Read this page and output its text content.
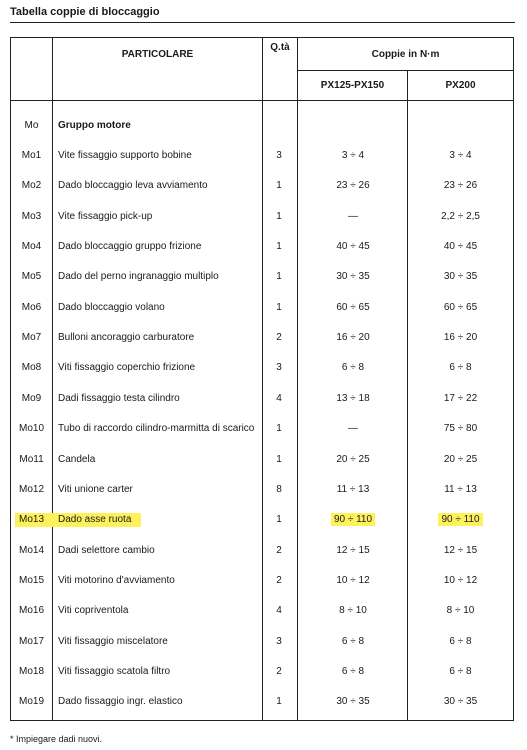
Tabella coppie di bloccaggio
PARTICOLARE
Q.tà
Coppie in N·m
PX125-PX150	PX200
Mo	Gruppo motore
Mo1	Vite fissaggio supporto bobine	3	3 ÷ 4	3 ÷ 4
Mo2	Dado bloccaggio leva avviamento	1	23 ÷ 26	23 ÷ 26
Mo3	Vite fissaggio pick-up	1	—	2,2 ÷ 2,5
Mo4	Dado bloccaggio gruppo frizione	1	40 ÷ 45	40 ÷ 45
Mo5	Dado del perno ingranaggio multiplo	1	30 ÷ 35	30 ÷ 35
Mo6	Dado bloccaggio volano	1	60 ÷ 65	60 ÷ 65
Mo7	Bulloni ancoraggio carburatore	2	16 ÷ 20	16 ÷ 20
Mo8	Viti fissaggio coperchio frizione	3	6 ÷ 8	6 ÷ 8
Mo9	Dadi fissaggio testa cilindro	4	13 ÷ 18	17 ÷ 22
Mo10	Tubo di raccordo cilindro-marmitta di scarico	1	—	75 ÷ 80
Mo11	Candela	1	20 ÷ 25	20 ÷ 25
Mo12	Viti unione carter	8	11 ÷ 13	11 ÷ 13
Mo13	Dado asse ruota	1	90 ÷ 110	90 ÷ 110
Mo14	Dadi selettore cambio	2	12 ÷ 15	12 ÷ 15
Mo15	Viti motorino d'avviamento	2	10 ÷ 12	10 ÷ 12
Mo16	Viti copriventola	4	8 ÷ 10	8 ÷ 10
Mo17	Viti fissaggio miscelatore	3	6 ÷ 8	6 ÷ 8
Mo18	Viti fissaggio scatola filtro	2	6 ÷ 8	6 ÷ 8
Mo19	Dado fissaggio ingr. elastico	1	30 ÷ 35	30 ÷ 35
* Impiegare dadi nuovi.
